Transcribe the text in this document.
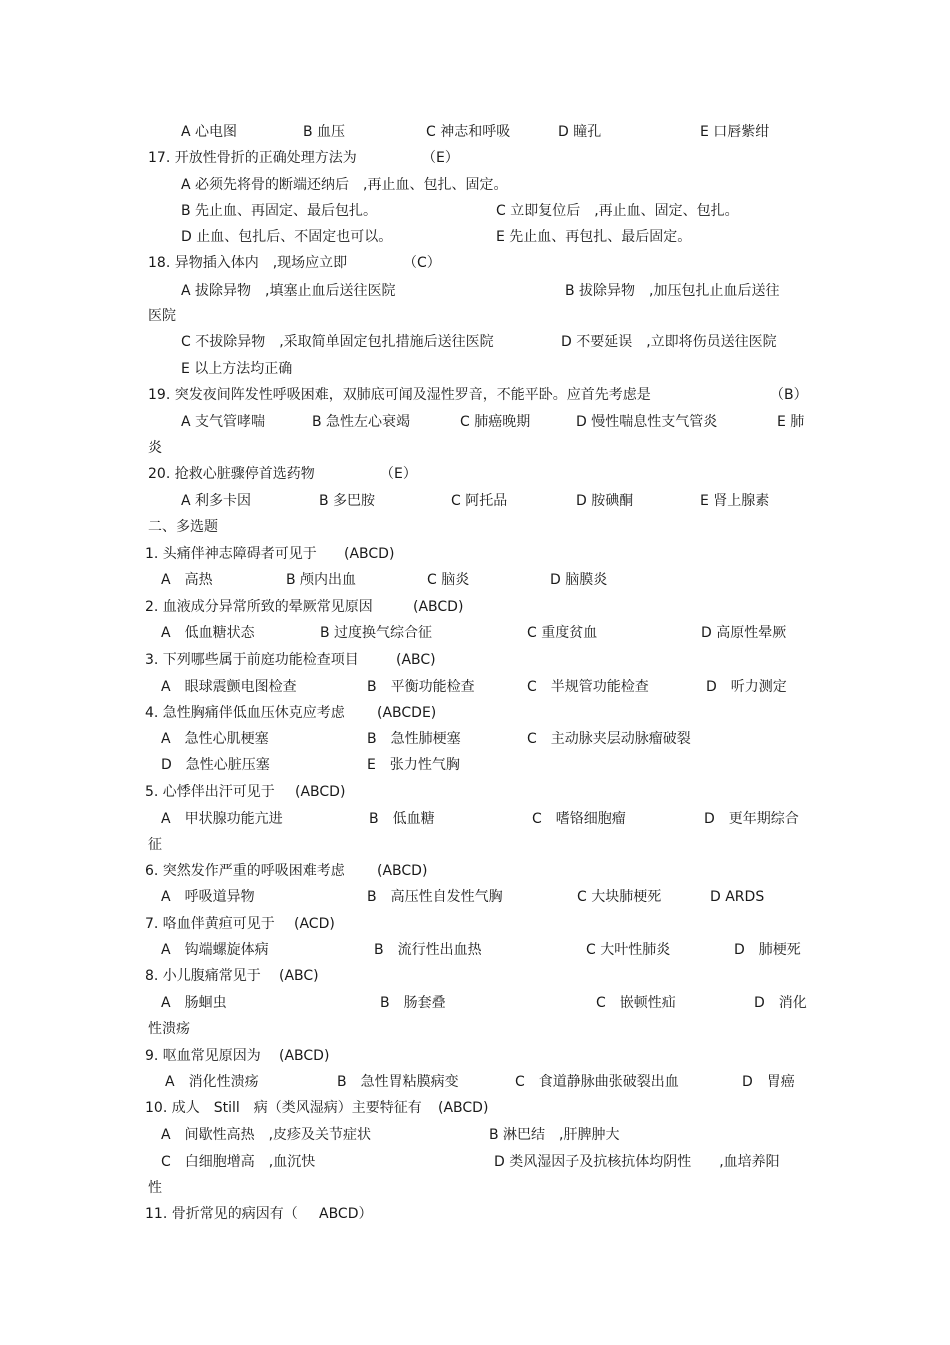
A 心电图	B 血压	C 神志和呼吸	D 瞳孔	E 口唇紫绀
17. 开放性骨折的正确处理方法为	（E）
A 必须先将骨的断端还纳后　,再止血、包扎、固定。
B 先止血、再固定、最后包扎。	C 立即复位后　,再止血、固定、包扎。
D 止血、包扎后、不固定也可以。	E 先止血、再包扎、最后固定。
18. 异物插入体内　,现场应立即	（C）
A 拔除异物　,填塞止血后送往医院	B 拔除异物　,加压包扎止血后送往
医院
C 不拔除异物　,采取简单固定包扎措施后送往医院	D 不要延误　,立即将伤员送往医院
E 以上方法均正确
19. 突发夜间阵发性呼吸困难，双肺底可闻及湿性罗音，不能平卧。应首先考虑是	（B）
A 支气管哮喘	B 急性左心衰竭	C 肺癌晚期	D 慢性喘息性支气管炎	E 肺
炎
20. 抢救心脏骤停首选药物	（E）
A 利多卡因	B 多巴胺	C 阿托品	D 胺碘酮	E 肾上腺素
二、多选题
1. 头痛伴神志障碍者可见于 (ABCD)
A　高热	B 颅内出血	C 脑炎	D 脑膜炎
2. 血液成分异常所致的晕厥常见原因	(ABCD)
A　低血糖状态	B 过度换气综合征	C 重度贫血	D 高原性晕厥
3. 下列哪些属于前庭功能检查项目	(ABC)
A　眼球震颤电图检查	B　平衡功能检查	C　半规管功能检查	D　听力测定
4. 急性胸痛伴低血压休克应考虑 (ABCDE)
A　急性心肌梗塞	B　急性肺梗塞	C　主动脉夹层动脉瘤破裂
D　急性心脏压塞	E　张力性气胸
5. 心悸伴出汗可见于 (ABCD)
A　甲状腺功能亢进	B　低血糖	C　嗜铬细胞瘤	D　更年期综合
征
6. 突然发作严重的呼吸困难考虑 (ABCD)
A　呼吸道异物	B　高压性自发性气胸	C 大块肺梗死	D ARDS
7. 咯血伴黄疸可见于 (ACD)
A　钩端螺旋体病	B　流行性出血热	C 大叶性肺炎	D　肺梗死
8. 小儿腹痛常见于 (ABC)
A　肠蛔虫	B　肠套叠	C　嵌顿性疝	D　消化
性溃疡
9. 呕血常见原因为 (ABCD)
A　消化性溃疡	B　急性胃粘膜病变	C　食道静脉曲张破裂出血	D　胃癌
10. 成人　Still　病（类风湿病）主要特征有 (ABCD)
A　间歇性高热　,皮疹及关节症状	B 淋巴结　,肝脾肿大
C　白细胞增高　,血沉快	D 类风湿因子及抗核抗体均阴性　　,血培养阳
性
11. 骨折常见的病因有（ ABCD）
